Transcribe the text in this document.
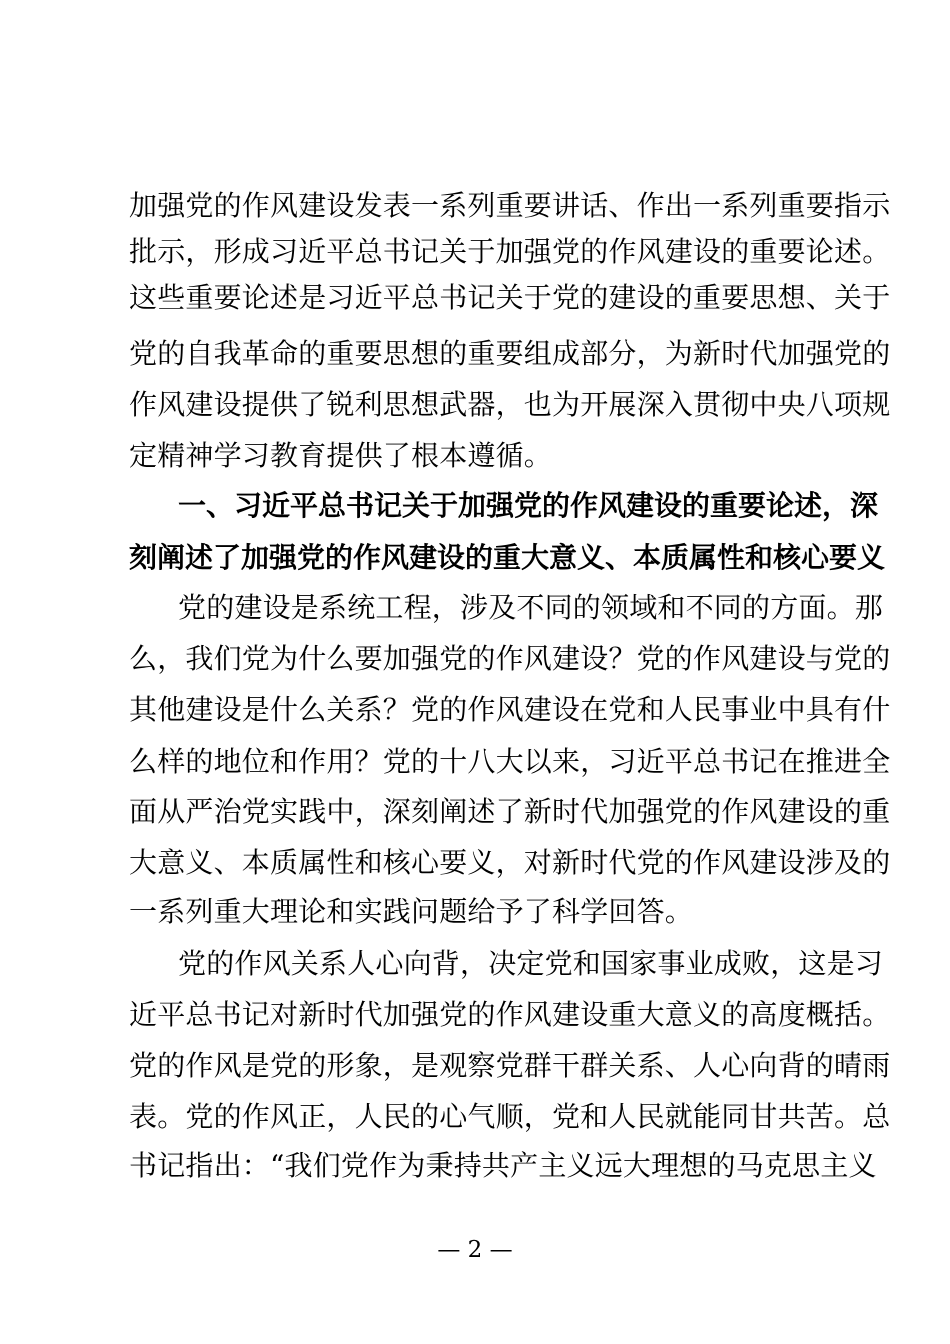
加强党的作风建设发表一系列重要讲话、作出一系列重要指示
批示，形成习近平总书记关于加强党的作风建设的重要论述。
这些重要论述是习近平总书记关于党的建设的重要思想、关于
党的自我革命的重要思想的重要组成部分，为新时代加强党的
作风建设提供了锐利思想武器，也为开展深入贯彻中央八项规
定精神学习教育提供了根本遵循。
一、习近平总书记关于加强党的作风建设的重要论述，深
刻阐述了加强党的作风建设的重大意义、本质属性和核心要义
党的建设是系统工程，涉及不同的领域和不同的方面。那
么，我们党为什么要加强党的作风建设？党的作风建设与党的
其他建设是什么关系？党的作风建设在党和人民事业中具有什
么样的地位和作用？党的十八大以来，习近平总书记在推进全
面从严治党实践中，深刻阐述了新时代加强党的作风建设的重
大意义、本质属性和核心要义，对新时代党的作风建设涉及的
一系列重大理论和实践问题给予了科学回答。
党的作风关系人心向背，决定党和国家事业成败，这是习
近平总书记对新时代加强党的作风建设重大意义的高度概括。
党的作风是党的形象，是观察党群干群关系、人心向背的晴雨
表。党的作风正，人民的心气顺，党和人民就能同甘共苦。总
书记指出：“我们党作为秉持共产主义远大理想的马克思主义
— 2 —
